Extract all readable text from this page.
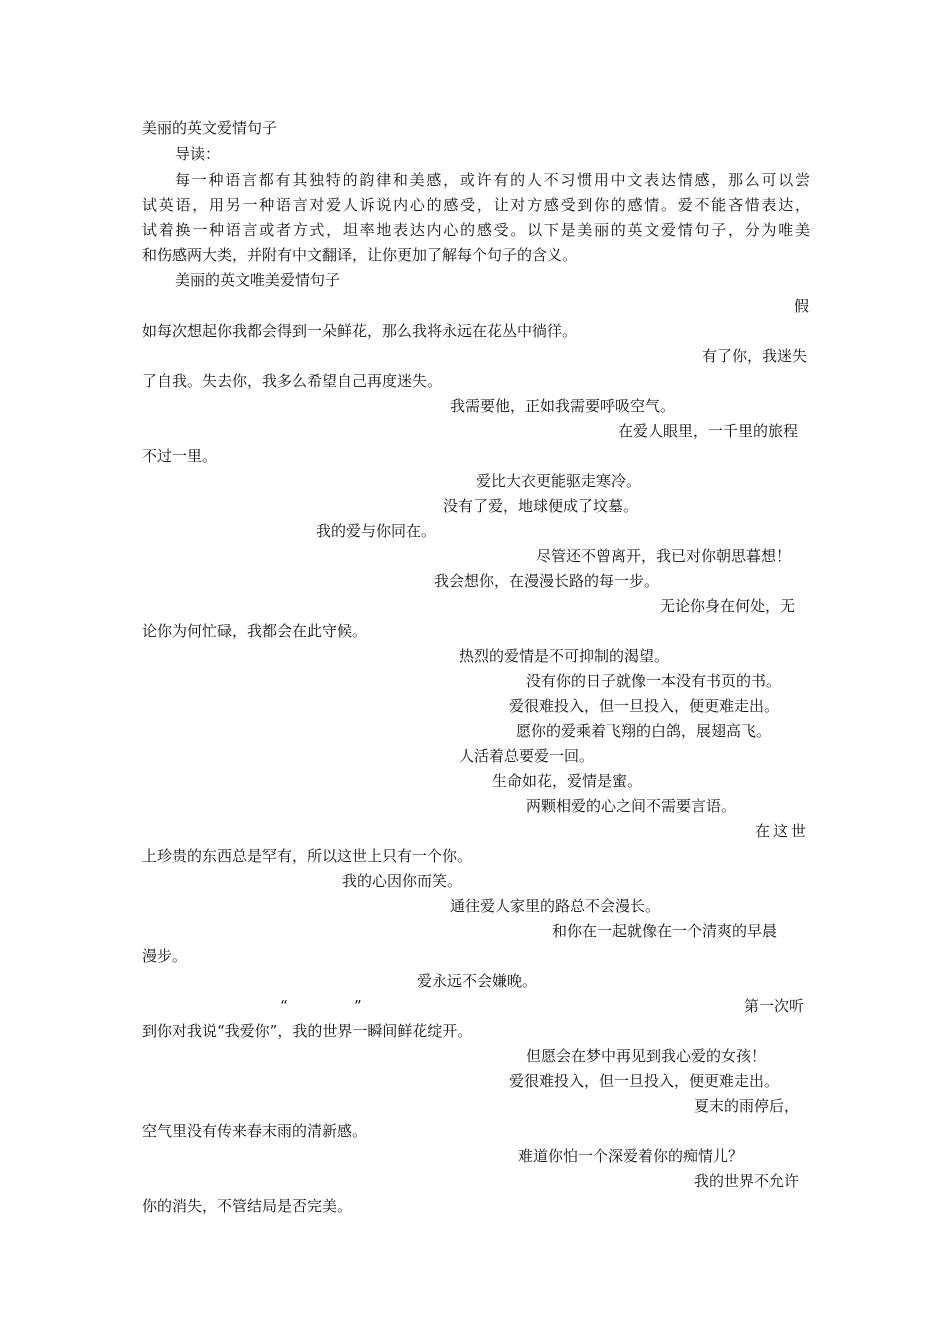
美丽的英文爱情句子
导读：
每一种语言都有其独特的韵律和美感，或许有的人不习惯用中文表达情感，那么可以尝
试英语，用另一种语言对爱人诉说内心的感受，让对方感受到你的感情。爱不能吝惜表达，
试着换一种语言或者方式，坦率地表达内心的感受。以下是美丽的英文爱情句子，分为唯美
和伤感两大类，并附有中文翻译，让你更加了解每个句子的含义。
美丽的英文唯美爱情句子
假
如每次想起你我都会得到一朵鲜花，那么我将永远在花丛中徜徉。
有了你，我迷失
了自我。失去你，我多么希望自己再度迷失。
我需要他，正如我需要呼吸空气。
在爱人眼里，一千里的旅程
不过一里。
爱比大衣更能驱走寒冷。
没有了爱，地球便成了坟墓。
我的爱与你同在。
尽管还不曾离开，我已对你朝思暮想！
我会想你，在漫漫长路的每一步。
无论你身在何处，无
论你为何忙碌，我都会在此守候。
热烈的爱情是不可抑制的渴望。
没有你的日子就像一本没有书页的书。
爱很难投入，但一旦投入，便更难走出。
愿你的爱乘着飞翔的白鸽，展翅高飞。
人活着总要爱一回。
生命如花，爱情是蜜。
两颗相爱的心之间不需要言语。
在这世
上珍贵的东西总是罕有，所以这世上只有一个你。
我的心因你而笑。
通往爱人家里的路总不会漫长。
和你在一起就像在一个清爽的早晨
漫步。
爱永远不会嫌晚。
“	”	第一次听
到你对我说“我爱你”，我的世界一瞬间鲜花绽开。
但愿会在梦中再见到我心爱的女孩！
爱很难投入，但一旦投入，便更难走出。
夏末的雨停后，
空气里没有传来春末雨的清新感。
难道你怕一个深爱着你的痴情儿？
我的世界不允许
你的消失，不管结局是否完美。
